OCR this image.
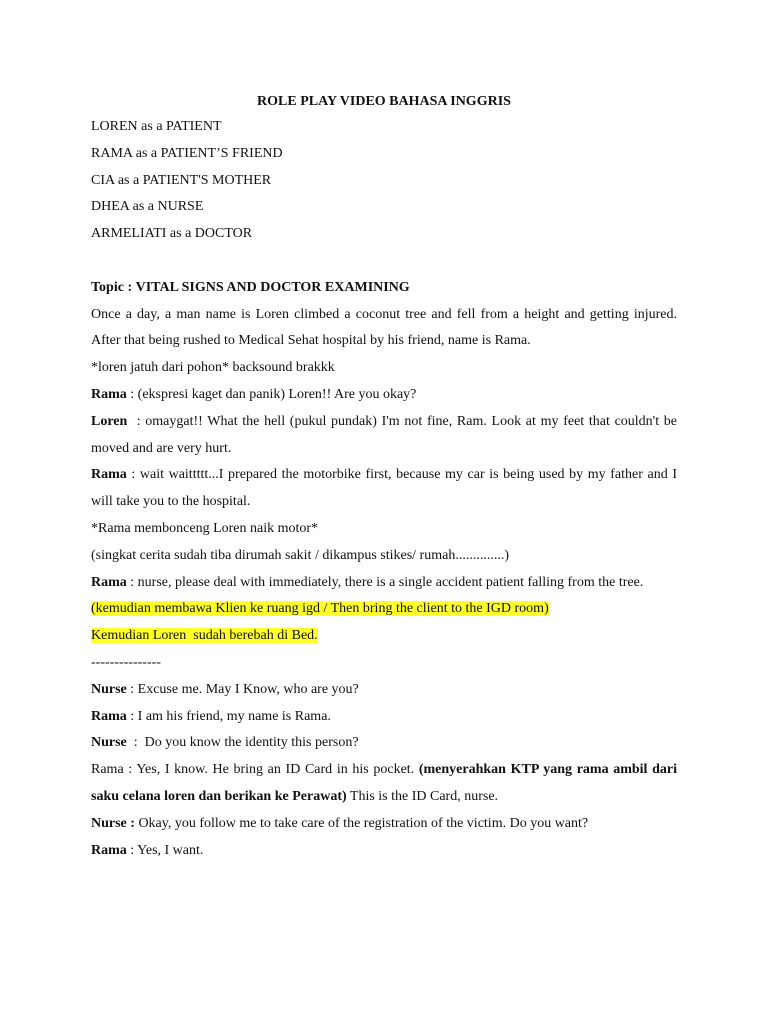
ROLE PLAY VIDEO BAHASA INGGRIS

LOREN as a PATIENT

RAMA as a PATIENT’S FRIEND

CIA as a PATIENT'S MOTHER

DHEA as a NURSE

ARMELIATI as a DOCTOR

Topic : VITAL SIGNS AND DOCTOR EXAMINING

Once a day, a man name is Loren climbed a coconut tree and fell from a height and getting injured. After that being rushed to Medical Sehat hospital by his friend, name is Rama.

*loren jatuh dari pohon* backsound brakkk

Rama : (ekspresi kaget dan panik) Loren!! Are you okay?

Loren  : omaygat!! What the hell (pukul pundak) I'm not fine, Ram. Look at my feet that couldn't be moved and are very hurt.

Rama : wait waittttt...I prepared the motorbike first, because my car is being used by my father and I will take you to the hospital.

*Rama membonceng Loren naik motor*

(singkat cerita sudah tiba dirumah sakit / dikampus stikes/ rumah..............)

Rama : nurse, please deal with immediately, there is a single accident patient falling from the tree.

(kemudian membawa Klien ke ruang igd / Then bring the client to the IGD room)

Kemudian Loren  sudah berebah di Bed.

---------------

Nurse : Excuse me. May I Know, who are you?

Rama : I am his friend, my name is Rama.

Nurse  :  Do you know the identity this person?

Rama : Yes, I know. He bring an ID Card in his pocket. (menyerahkan KTP yang rama ambil dari saku celana loren dan berikan ke Perawat) This is the ID Card, nurse.

Nurse : Okay, you follow me to take care of the registration of the victim. Do you want?

Rama : Yes, I want.
